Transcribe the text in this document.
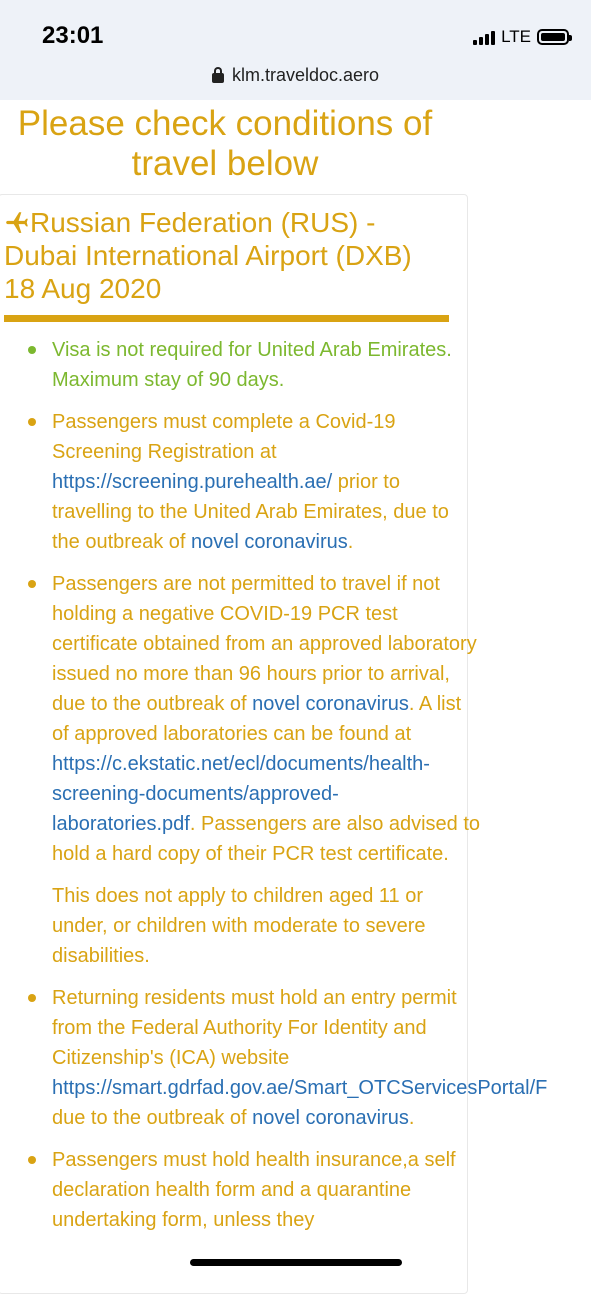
23:01	LTE
klm.traveldoc.aero
Please check conditions of travel below
Russian Federation (RUS) - Dubai International Airport (DXB)
18 Aug 2020
Visa is not required for United Arab Emirates. Maximum stay of 90 days.
Passengers must complete a Covid-19 Screening Registration at https://screening.purehealth.ae/ prior to travelling to the United Arab Emirates, due to the outbreak of novel coronavirus.
Passengers are not permitted to travel if not holding a negative COVID-19 PCR test certificate obtained from an approved laboratory issued no more than 96 hours prior to arrival, due to the outbreak of novel coronavirus. A list of approved laboratories can be found at https://c.ekstatic.net/ecl/documents/health-screening-documents/approved-laboratories.pdf. Passengers are also advised to hold a hard copy of their PCR test certificate.
This does not apply to children aged 11 or under, or children with moderate to severe disabilities.
Returning residents must hold an entry permit from the Federal Authority For Identity and Citizenship's (ICA) website https://smart.gdrfad.gov.ae/Smart_OTCServicesPortal/F due to the outbreak of novel coronavirus.
Passengers must hold health insurance,a self declaration health form and a quarantine undertaking form, unless they
